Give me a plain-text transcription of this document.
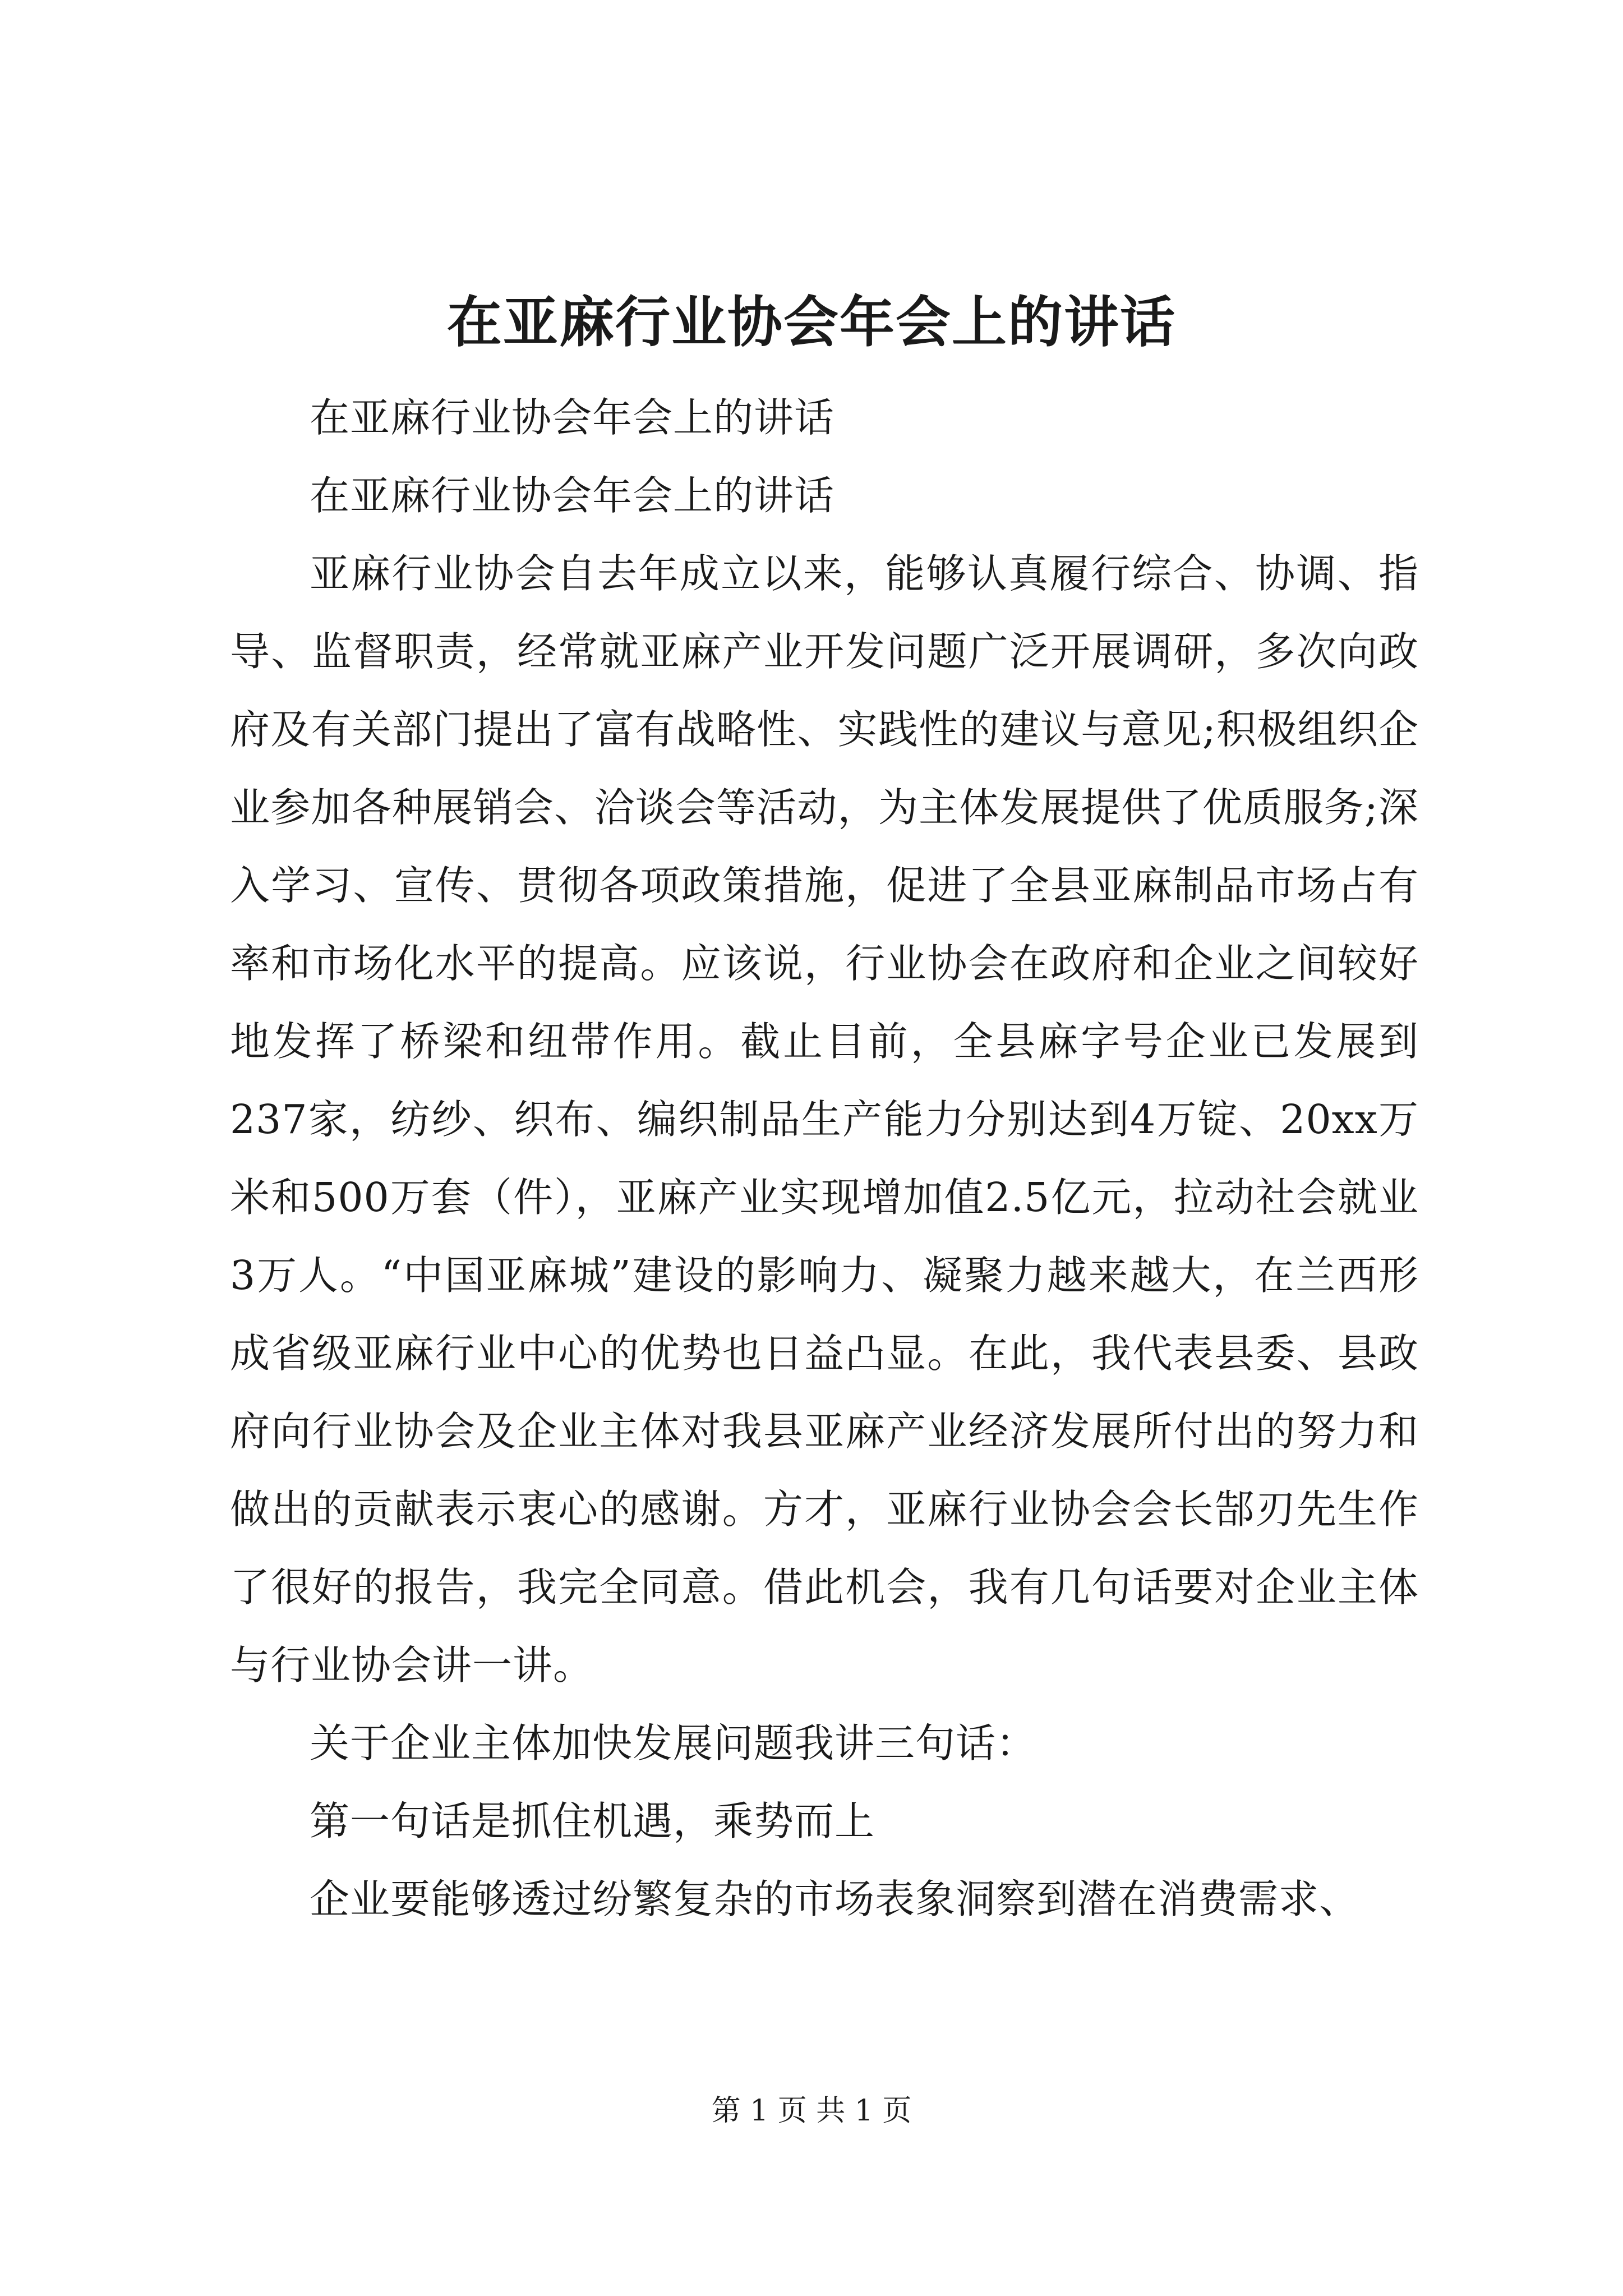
在亚麻行业协会年会上的讲话

在亚麻行业协会年会上的讲话

在亚麻行业协会年会上的讲话

亚麻行业协会自去年成立以来，能够认真履行综合、协调、指导、监督职责，经常就亚麻产业开发问题广泛开展调研，多次向政府及有关部门提出了富有战略性、实践性的建议与意见;积极组织企业参加各种展销会、洽谈会等活动，为主体发展提供了优质服务;深入学习、宣传、贯彻各项政策措施，促进了全县亚麻制品市场占有率和市场化水平的提高。应该说，行业协会在政府和企业之间较好地发挥了桥梁和纽带作用。截止目前，全县麻字号企业已发展到237家，纺纱、织布、编织制品生产能力分别达到4万锭、20xx万米和500万套（件），亚麻产业实现增加值2.5亿元，拉动社会就业3万人。“中国亚麻城”建设的影响力、凝聚力越来越大，在兰西形成省级亚麻行业中心的优势也日益凸显。在此，我代表县委、县政府向行业协会及企业主体对我县亚麻产业经济发展所付出的努力和做出的贡献表示衷心的感谢。方才，亚麻行业协会会长郜刃先生作了很好的报告，我完全同意。借此机会，我有几句话要对企业主体与行业协会讲一讲。

关于企业主体加快发展问题我讲三句话：

第一句话是抓住机遇，乘势而上

企业要能够透过纷繁复杂的市场表象洞察到潜在消费需求、

第 1 页 共 1 页
